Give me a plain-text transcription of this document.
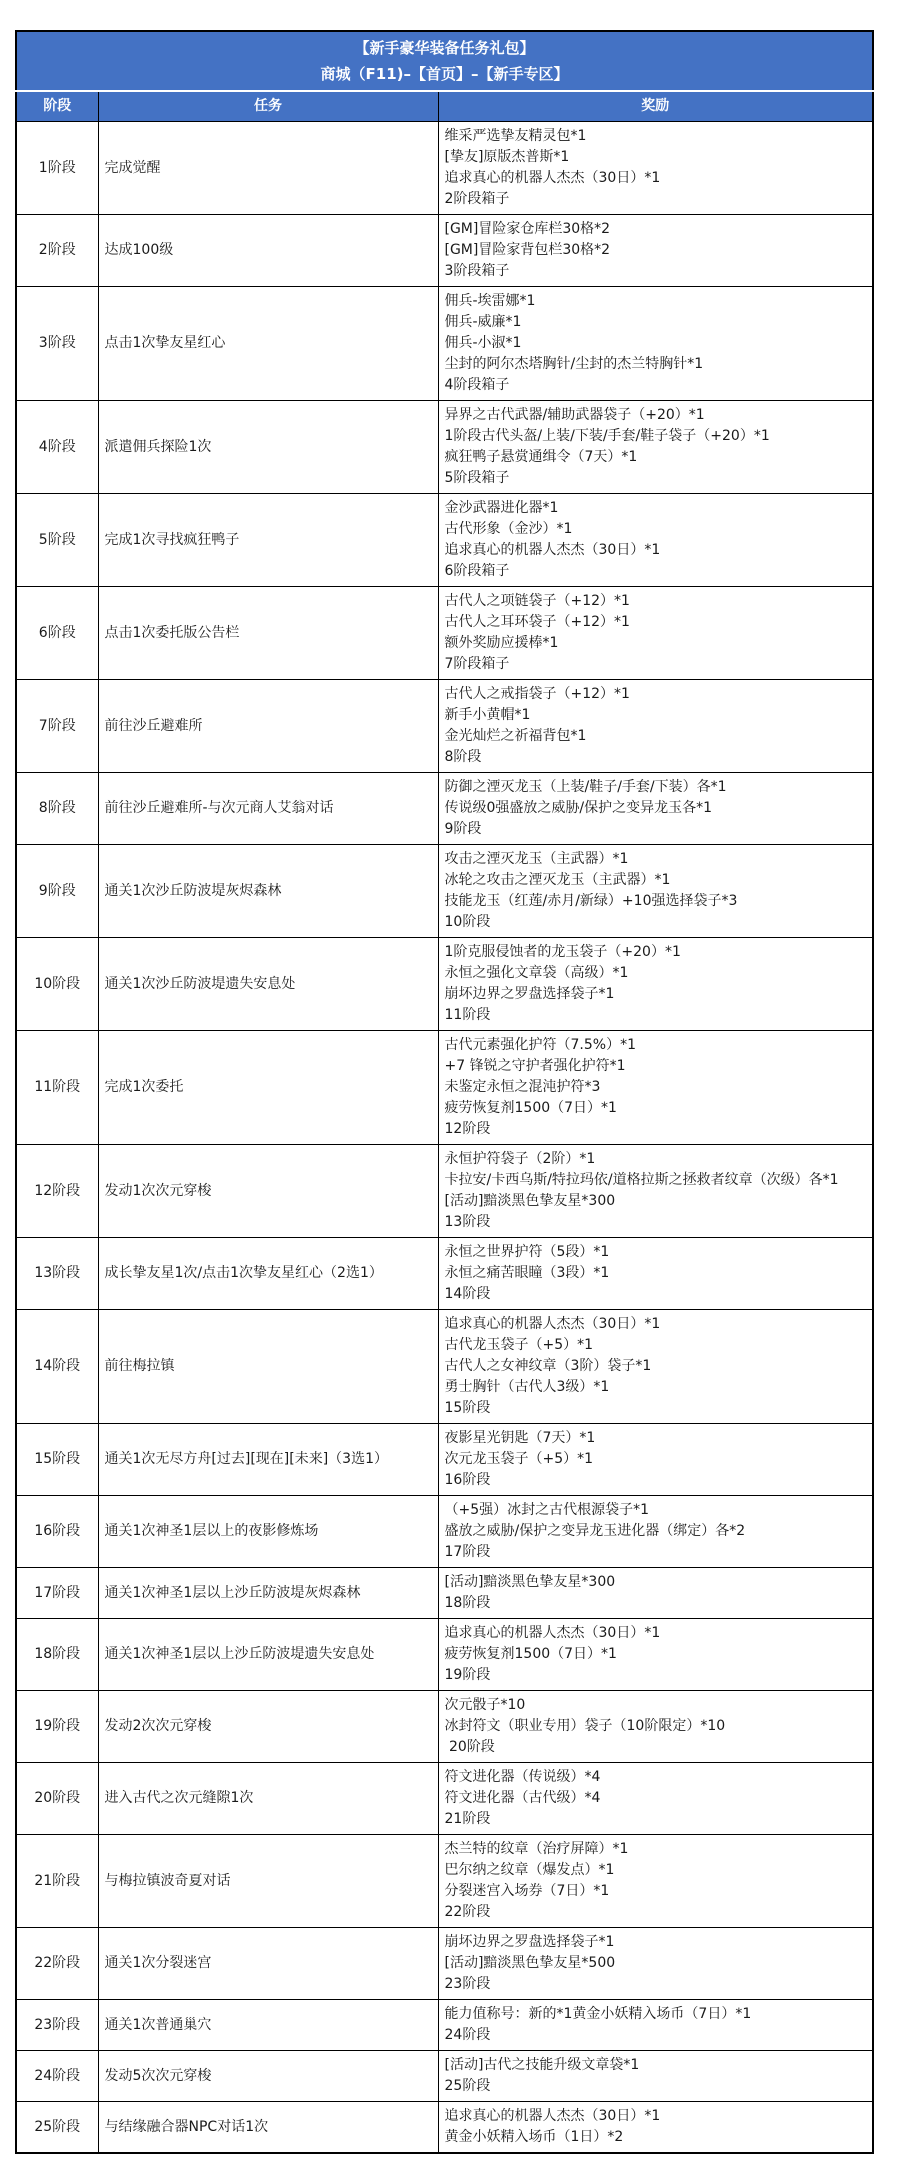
【新手豪华装备任务礼包】
商城（F11)–【首页】–【新手专区】		

阶段	任务	奖励
1阶段	完成觉醒	维采严选挚友精灵包*1
[挚友]原版杰普斯*1
追求真心的机器人杰杰（30日）*1
2阶段箱子

2阶段	达成100级	[GM]冒险家仓库栏30格*2
[GM]冒险家背包栏30格*2
3阶段箱子

3阶段	点击1次挚友星红心	佣兵-埃雷娜*1
佣兵-威廉*1
佣兵-小淑*1
尘封的阿尔杰塔胸针/尘封的杰兰特胸针*1
4阶段箱子

4阶段	派遣佣兵探险1次	异界之古代武器/辅助武器袋子（+20）*1
1阶段古代头盔/上装/下装/手套/鞋子袋子（+20）*1
疯狂鸭子悬赏通缉令（7天）*1
5阶段箱子

5阶段	完成1次寻找疯狂鸭子	金沙武器进化器*1
古代形象（金沙）*1
追求真心的机器人杰杰（30日）*1
6阶段箱子

6阶段	点击1次委托版公告栏	古代人之项链袋子（+12）*1
古代人之耳环袋子（+12）*1
额外奖励应援棒*1
7阶段箱子

7阶段	前往沙丘避难所	古代人之戒指袋子（+12）*1
新手小黄帽*1
金光灿烂之祈福背包*1
8阶段

8阶段	前往沙丘避难所-与次元商人艾翁对话	防御之湮灭龙玉（上装/鞋子/手套/下装）各*1
传说级0强盛放之威胁/保护之变异龙玉各*1
9阶段

9阶段	通关1次沙丘防波堤灰烬森林	攻击之湮灭龙玉（主武器）*1
冰轮之攻击之湮灭龙玉（主武器）*1
技能龙玉（红莲/赤月/新绿）+10强选择袋子*3
10阶段

10阶段	通关1次沙丘防波堤遗失安息处	1阶克服侵蚀者的龙玉袋子（+20）*1
永恒之强化文章袋（高级）*1
崩坏边界之罗盘选择袋子*1
11阶段

11阶段	完成1次委托	古代元素强化护符（7.5%）*1
+7 锋锐之守护者强化护符*1
未鉴定永恒之混沌护符*3
疲劳恢复剂1500（7日）*1
12阶段

12阶段	发动1次次元穿梭	永恒护符袋子（2阶）*1
卡拉安/卡西乌斯/特拉玛依/道格拉斯之拯救者纹章（次级）各*1
[活动]黯淡黑色挚友星*300
13阶段

13阶段	成长挚友星1次/点击1次挚友星红心（2选1）	永恒之世界护符（5段）*1
永恒之痛苦眼瞳（3段）*1
14阶段

14阶段	前往梅拉镇	追求真心的机器人杰杰（30日）*1
古代龙玉袋子（+5）*1
古代人之女神纹章（3阶）袋子*1
勇士胸针（古代人3级）*1
15阶段

15阶段	通关1次无尽方舟[过去][现在][未来]（3选1）	夜影星光钥匙（7天）*1
次元龙玉袋子（+5）*1
16阶段

16阶段	通关1次神圣1层以上的夜影修炼场	（+5强）冰封之古代根源袋子*1
盛放之威胁/保护之变异龙玉进化器（绑定）各*2
17阶段

17阶段	通关1次神圣1层以上沙丘防波堤灰烬森林	[活动]黯淡黑色挚友星*300
18阶段

18阶段	通关1次神圣1层以上沙丘防波堤遗失安息处	追求真心的机器人杰杰（30日）*1
疲劳恢复剂1500（7日）*1
19阶段

19阶段	发动2次次元穿梭	次元骰子*10
冰封符文（职业专用）袋子（10阶限定）*10
20阶段

20阶段	进入古代之次元缝隙1次	符文进化器（传说级）*4
符文进化器（古代级）*4
21阶段

21阶段	与梅拉镇波奇夏对话	杰兰特的纹章（治疗屏障）*1
巴尔纳之纹章（爆发点）*1
分裂迷宫入场券（7日）*1
22阶段

22阶段	通关1次分裂迷宫	崩坏边界之罗盘选择袋子*1
[活动]黯淡黑色挚友星*500
23阶段

23阶段	通关1次普通巢穴	能力值称号：新的*1黄金小妖精入场币（7日）*1
24阶段

24阶段	发动5次次元穿梭	[活动]古代之技能升级文章袋*1
25阶段

25阶段	与结缘融合器NPC对话1次	追求真心的机器人杰杰（30日）*1
黄金小妖精入场币（1日）*2
